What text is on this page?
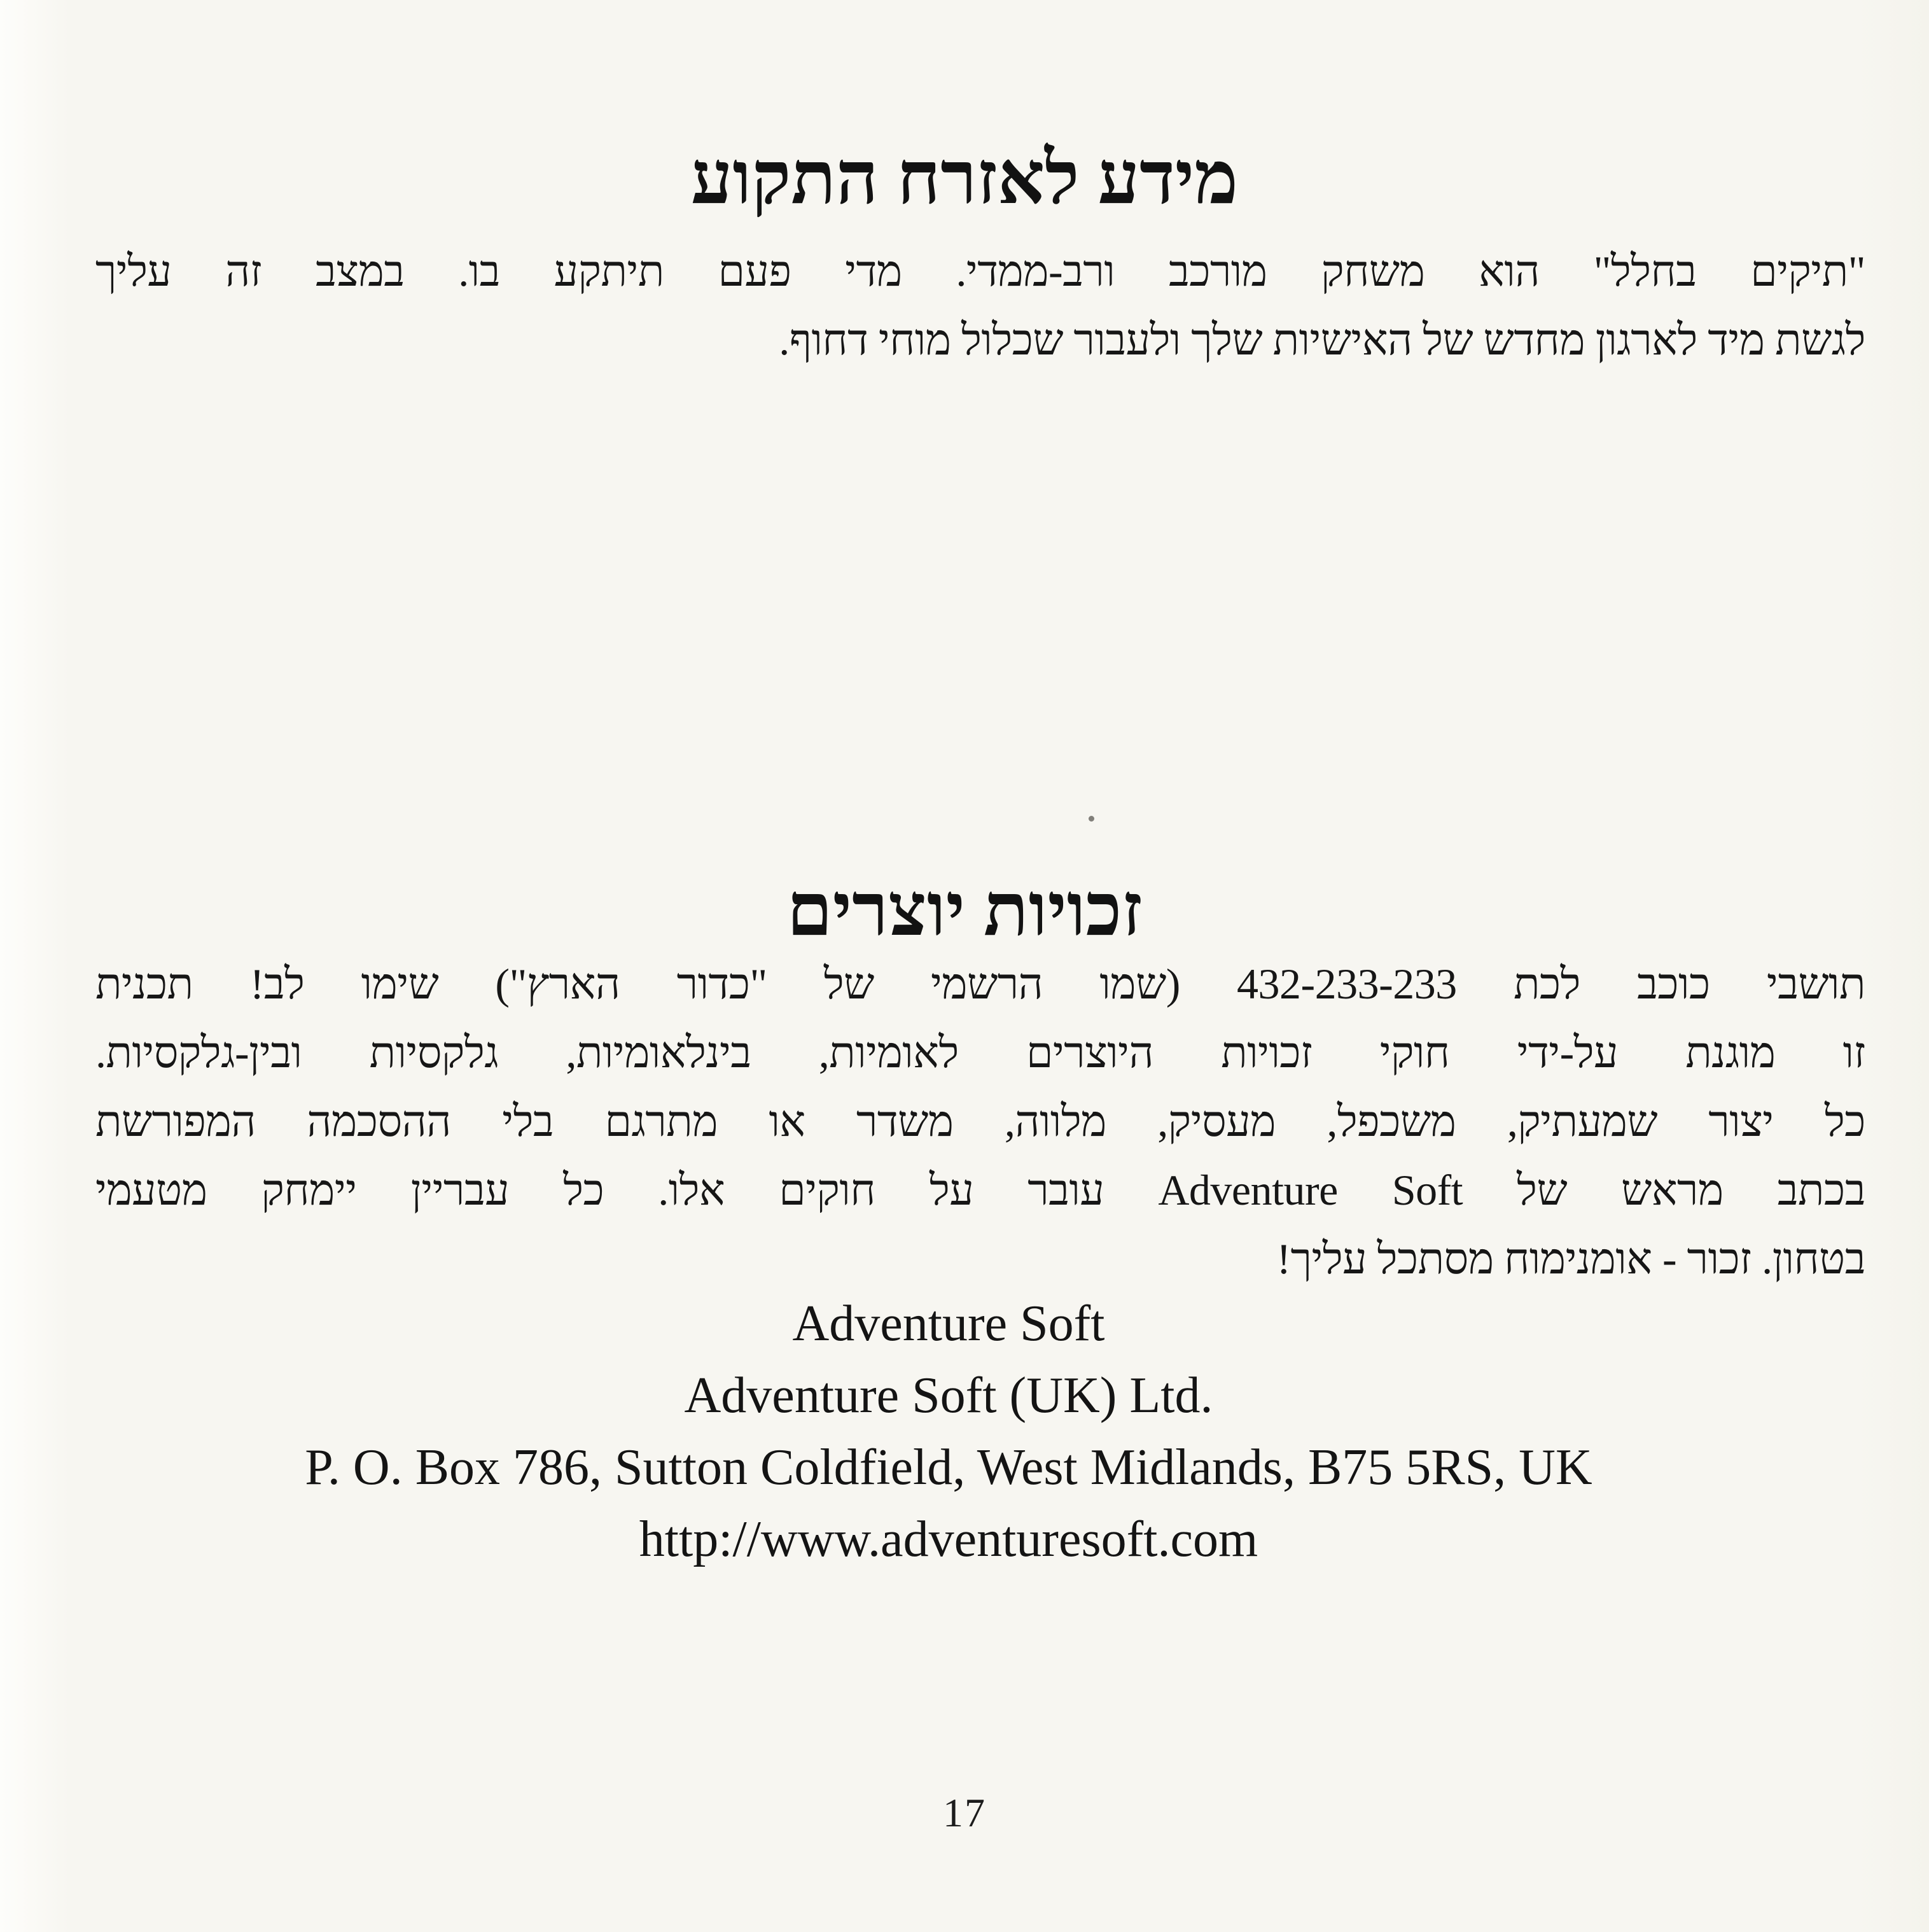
מידע לאזרח התקוע
"תיקים בחלל" הוא משחק מורכב ורב-ממדי. מדי פעם תיתקע בו. במצב זה עליך
לגשת מיד לארגון מחדש של האישיות שלך ולעבור שכלול מוחי דחוף.
זכויות יוצרים
תושבי כוכב לכת 432-233-233 (שמו הרשמי של "כדור הארץ") שימו לב! תכנית
זו מוגנת על-ידי חוקי זכויות היוצרים לאומיות, בינלאומיות, גלקסיות ובין-גלקסיות.
כל יצור שמעתיק, משכפל, מעסיק, מלווה, משדר או מתרגם בלי ההסכמה המפורשת
בכתב מראש של Adventure Soft עובר על חוקים אלו. כל עבריין יימחק מטעמי
בטחון. זכור - אומנימוח מסתכל עליך!
Adventure Soft
Adventure Soft (UK) Ltd.
P. O. Box 786, Sutton Coldfield, West Midlands, B75 5RS, UK
http://www.adventuresoft.com
17
